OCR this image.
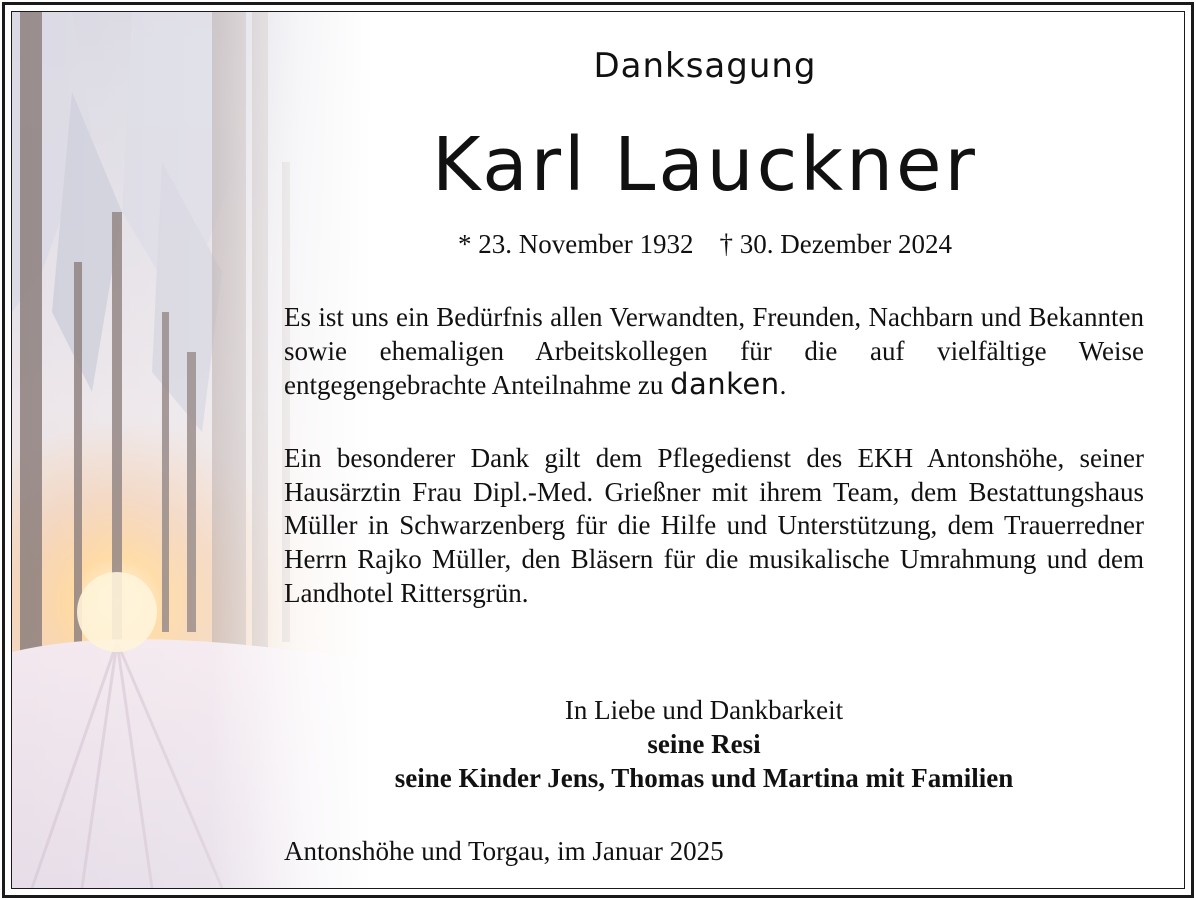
Danksagung
Karl Lauckner
* 23. November 1932 † 30. Dezember 2024
Es ist uns ein Bedürfnis allen Verwandten, Freunden, Nachbarn und Bekannten sowie ehemaligen Arbeitskollegen für die auf vielfältige Weise entgegengebrachte Anteilnahme zu danken.
Ein besonderer Dank gilt dem Pflegedienst des EKH Antonshöhe, seiner Hausärztin Frau Dipl.-Med. Grießner mit ihrem Team, dem Bestattungshaus Müller in Schwarzenberg für die Hilfe und Unterstützung, dem Trauerredner Herrn Rajko Müller, den Bläsern für die musikalische Umrahmung und dem Landhotel Rittersgrün.
In Liebe und Dankbarkeit
seine Resi
seine Kinder Jens, Thomas und Martina mit Familien
Antonshöhe und Torgau, im Januar 2025
